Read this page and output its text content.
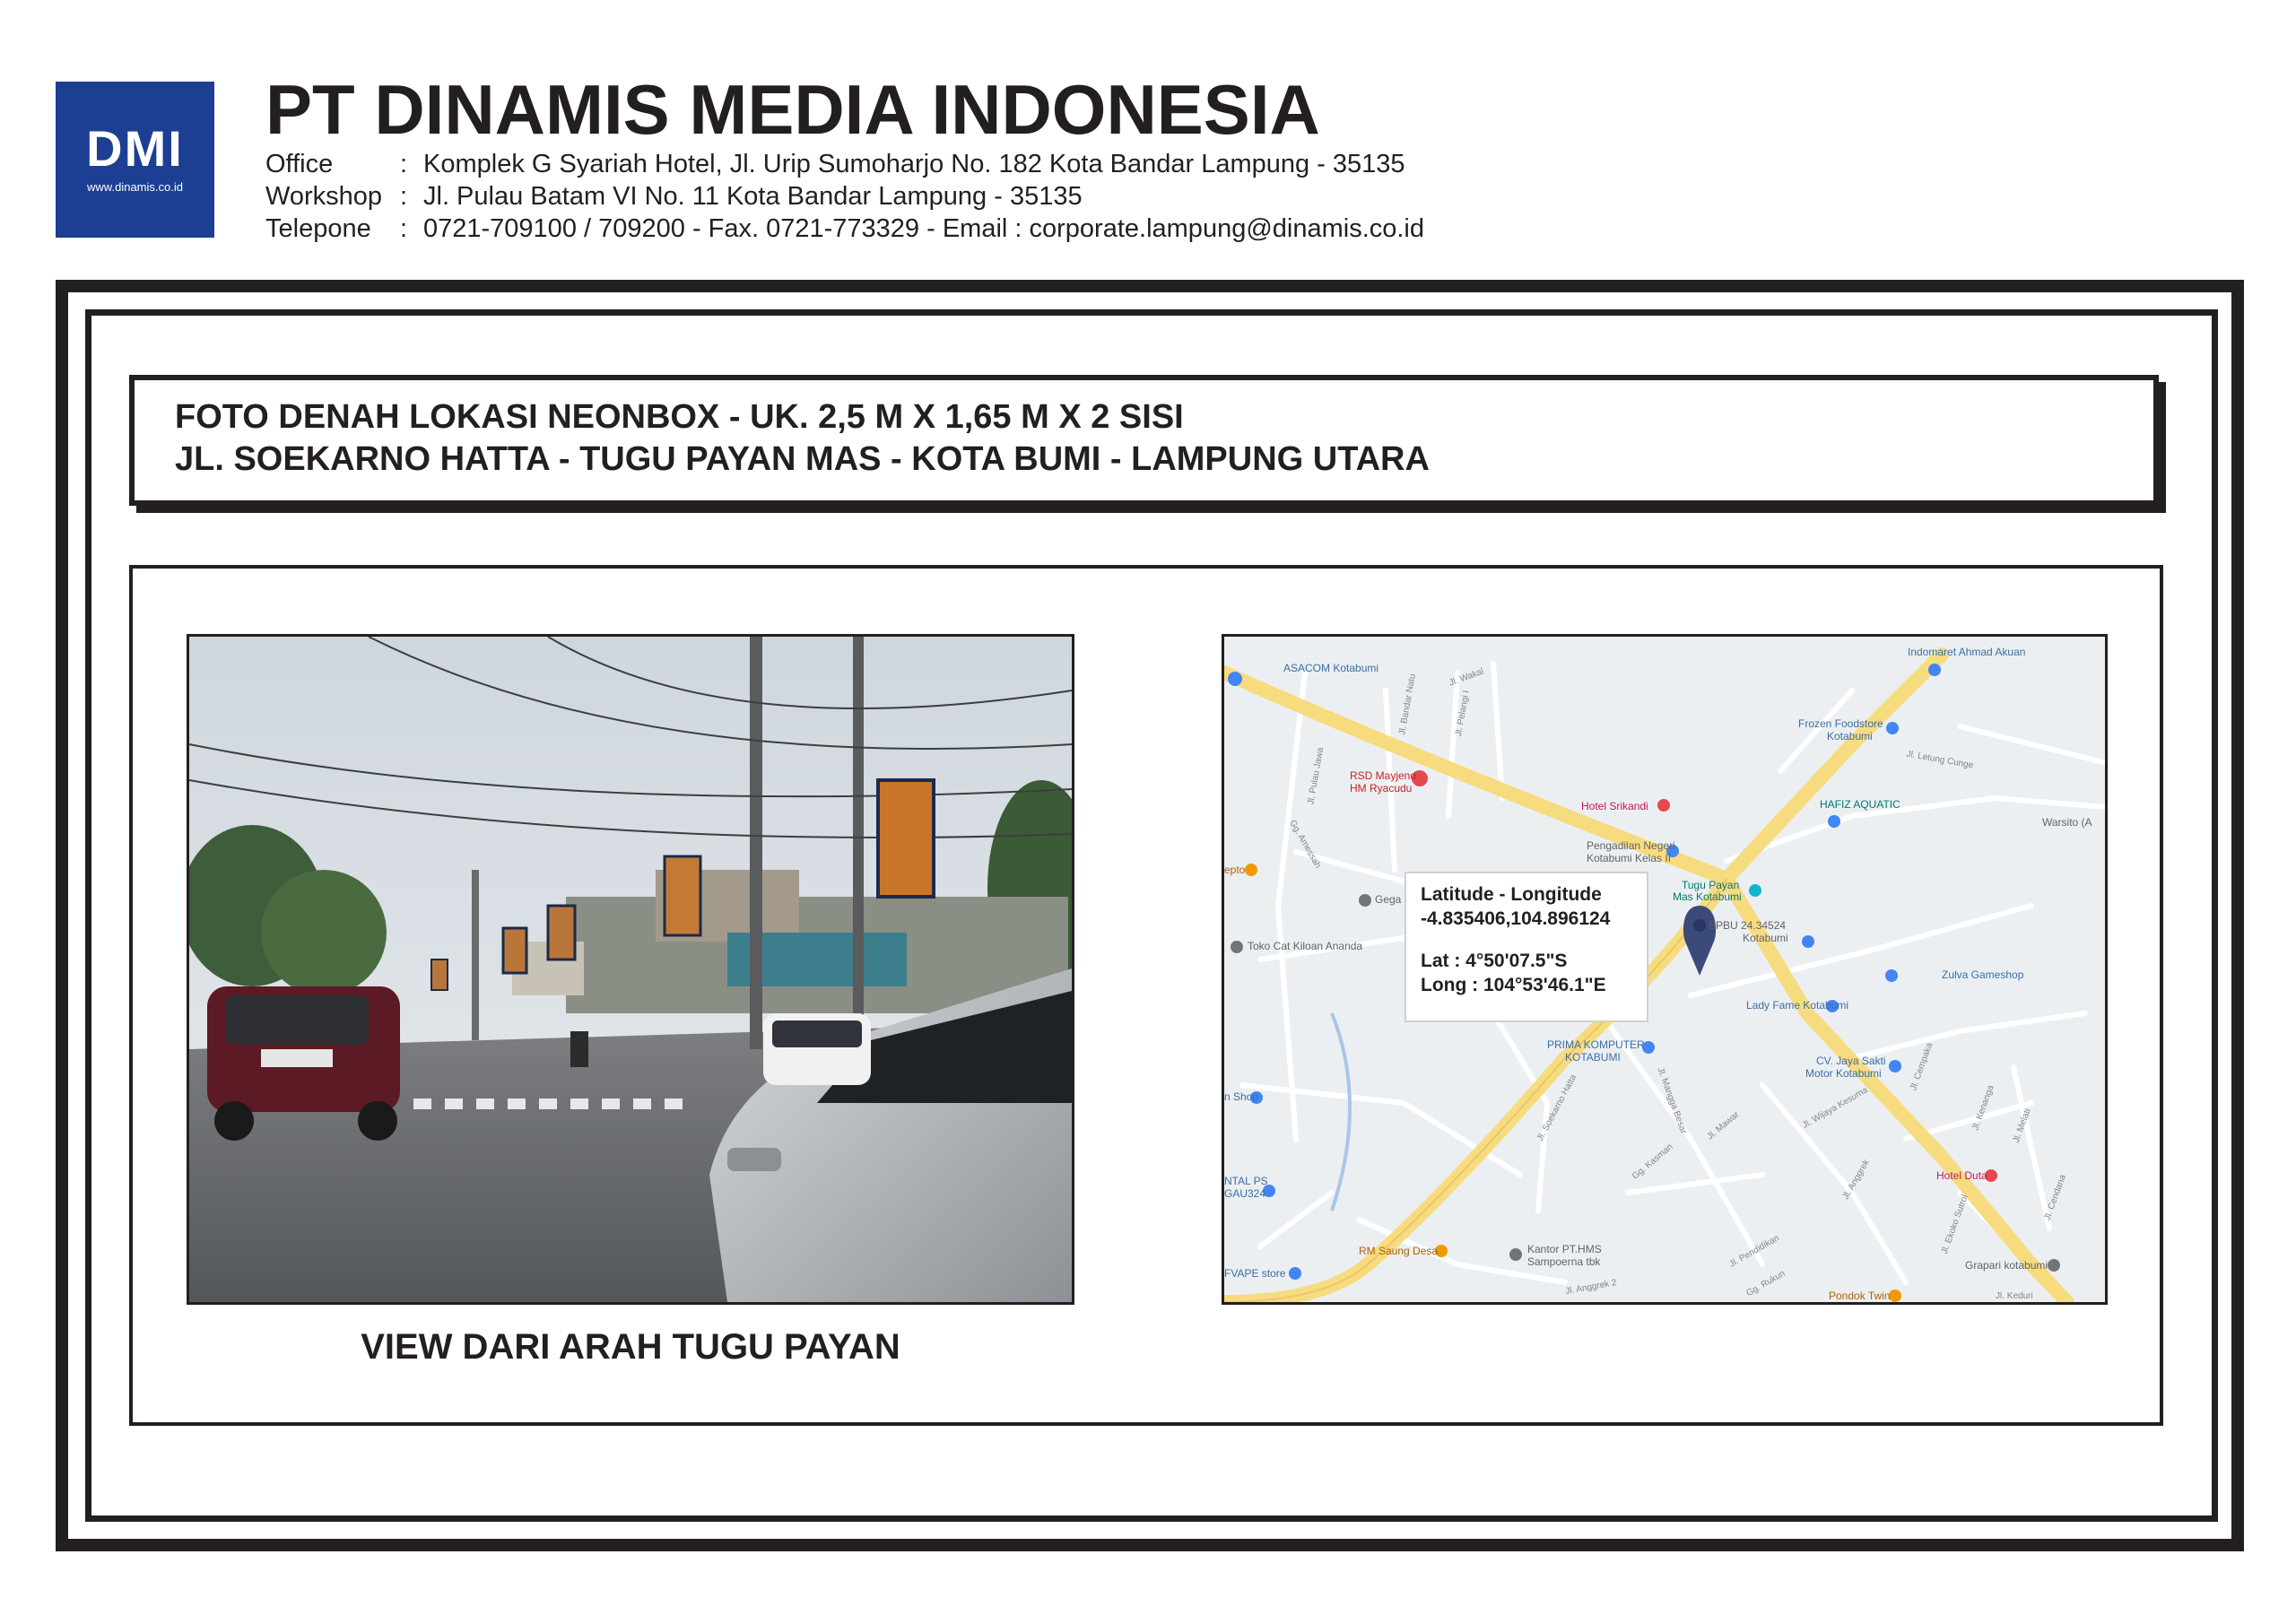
DMI
www.dinamis.co.id
PT DINAMIS MEDIA INDONESIA
Office	: Komplek G Syariah Hotel, Jl. Urip Sumoharjo No. 182 Kota Bandar Lampung - 35135
Workshop : Jl. Pulau Batam VI No. 11 Kota Bandar Lampung - 35135
Telepone : 0721-709100 / 709200 - Fax. 0721-773329 - Email : corporate.lampung@dinamis.co.id
FOTO DENAH LOKASI NEONBOX - UK. 2,5 M X 1,65 M X 2 SISI
JL. SOEKARNO HATTA - TUGU PAYAN MAS - KOTA BUMI - LAMPUNG UTARA
VIEW DARI ARAH TUGU PAYAN
ASACOM Kotabumi
Indomaret Ahmad Akuan
Frozen Foodstore
Kotabumi
RSD Mayjend
HM Ryacudu
Hotel Srikandi	HAFIZ AQUATIC
Warsito (A
Pengadilan Negeri
Kotabumi Kelas II
Tugu Payan
Mas Kotabumi
SPBU 24.34524
Kotabumi
Gega
Toko Cat Kiloan Ananda
Zulva Gameshop
Lady Fame Kotabumi
PRIMA KOMPUTER
KOTABUMI	CV. Jaya Sakti
Motor Kotabumi
n Shop
NTAL PS
GAU324
Hotel Duta
RM Saung Desa	Kantor PT.HMS
Sampoerna tbk	Grapari kotabumi
FVAPE store
Pondok Twin
epto
Jl. Wakal
Jl. Bandar Natu	Jl. Pelangi I
Jl. Pulau Jawa
Gg. Amessah
Jl. Letung Cunge
Jl. Soekarno Hatta	Jl. Mangga Besar
Gg. Kasman
Jl. Mawar	Jl. Wijaya Kesuma
Jl. Cempaka
Jl. Kenanga Jl. Melati
Jl. Cendana
Jl. Anggrek
Jl. Anggrek 2
Jl. Pendidikan
Gg. Rukun
Jl. Ekoko Sutrol
Jl. Keduri
Latitude - Longitude
-4.835406,104.896124
Lat : 4°50'07.5"S
Long : 104°53'46.1"E
